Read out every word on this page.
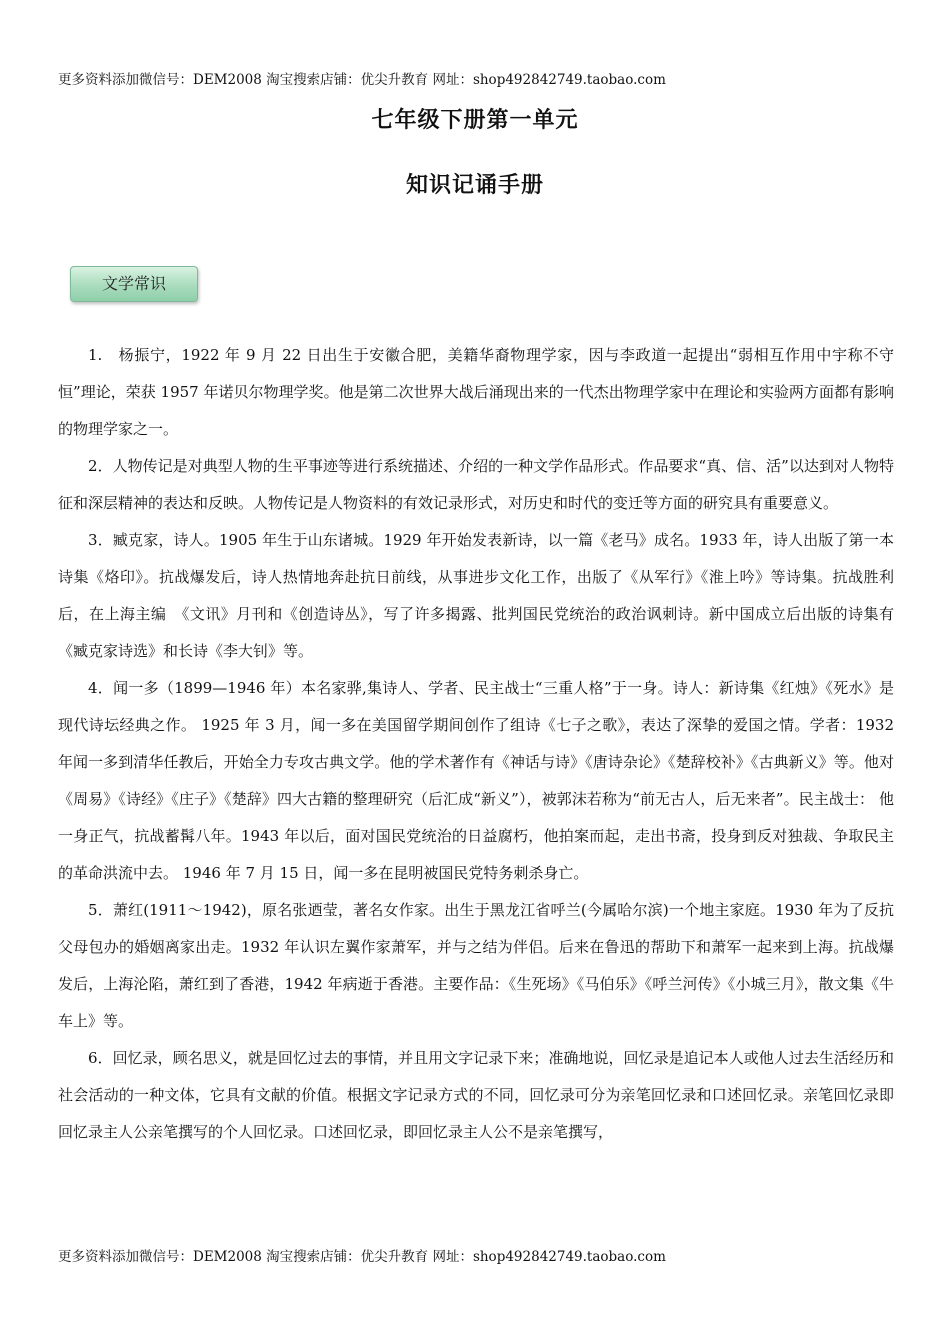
更多资料添加微信号：DEM2008 淘宝搜索店铺：优尖升教育 网址：shop492842749.taobao.com
七年级下册第一单元
知识记诵手册
文学常识

1.　杨振宁，1922 年 9 月 22 日出生于安徽合肥，美籍华裔物理学家，因与李政道一起提出“弱相互作用中宇称不守恒”理论，荣获 1957 年诺贝尔物理学奖。他是第二次世界大战后涌现出来的一代杰出物理学家中在理论和实验两方面都有影响的物理学家之一。

2．人物传记是对典型人物的生平事迹等进行系统描述、介绍的一种文学作品形式。作品要求“真、信、活”以达到对人物特征和深层精神的表达和反映。人物传记是人物资料的有效记录形式，对历史和时代的变迁等方面的研究具有重要意义。

3．臧克家，诗人。1905 年生于山东诸城。1929 年开始发表新诗，以一篇《老马》成名。1933 年，诗人出版了第一本诗集《烙印》。抗战爆发后，诗人热情地奔赴抗日前线，从事进步文化工作，出版了《从军行》《淮上吟》等诗集。抗战胜利后，在上海主编　《文讯》月刊和《创造诗丛》，写了许多揭露、批判国民党统治的政治讽刺诗。新中国成立后出版的诗集有《臧克家诗选》和长诗《李大钊》等。

4．闻一多（1899—1946 年）本名家骅,集诗人、学者、民主战士“三重人格”于一身。诗人：新诗集《红烛》《死水》是现代诗坛经典之作。 1925 年 3 月，闻一多在美国留学期间创作了组诗《七子之歌》，表达了深挚的爱国之情。学者：1932 年闻一多到清华任教后，开始全力专攻古典文学。他的学术著作有《神话与诗》《唐诗杂论》《楚辞校补》《古典新义》等。他对《周易》《诗经》《庄子》《楚辞》四大古籍的整理研究（后汇成“新义”），被郭沫若称为“前无古人，后无来者”。民主战士： 他一身正气，抗战蓄髯八年。1943 年以后，面对国民党统治的日益腐朽，他拍案而起，走出书斋，投身到反对独裁、争取民主的革命洪流中去。 1946 年 7 月 15 日，闻一多在昆明被国民党特务刺杀身亡。

5．萧红(1911～1942)，原名张迺莹，著名女作家。出生于黑龙江省呼兰(今属哈尔滨)一个地主家庭。1930 年为了反抗父母包办的婚姻离家出走。1932 年认识左翼作家萧军，并与之结为伴侣。后来在鲁迅的帮助下和萧军一起来到上海。抗战爆发后，上海沦陷，萧红到了香港，1942 年病逝于香港。主要作品：《生死场》《马伯乐》《呼兰河传》《小城三月》，散文集《牛车上》等。

6．回忆录，顾名思义，就是回忆过去的事情，并且用文字记录下来；准确地说，回忆录是追记本人或他人过去生活经历和社会活动的一种文体，它具有文献的价值。根据文字记录方式的不同，回忆录可分为亲笔回忆录和口述回忆录。亲笔回忆录即回忆录主人公亲笔撰写的个人回忆录。口述回忆录，即回忆录主人公不是亲笔撰写，

更多资料添加微信号：DEM2008 淘宝搜索店铺：优尖升教育 网址：shop492842749.taobao.com
